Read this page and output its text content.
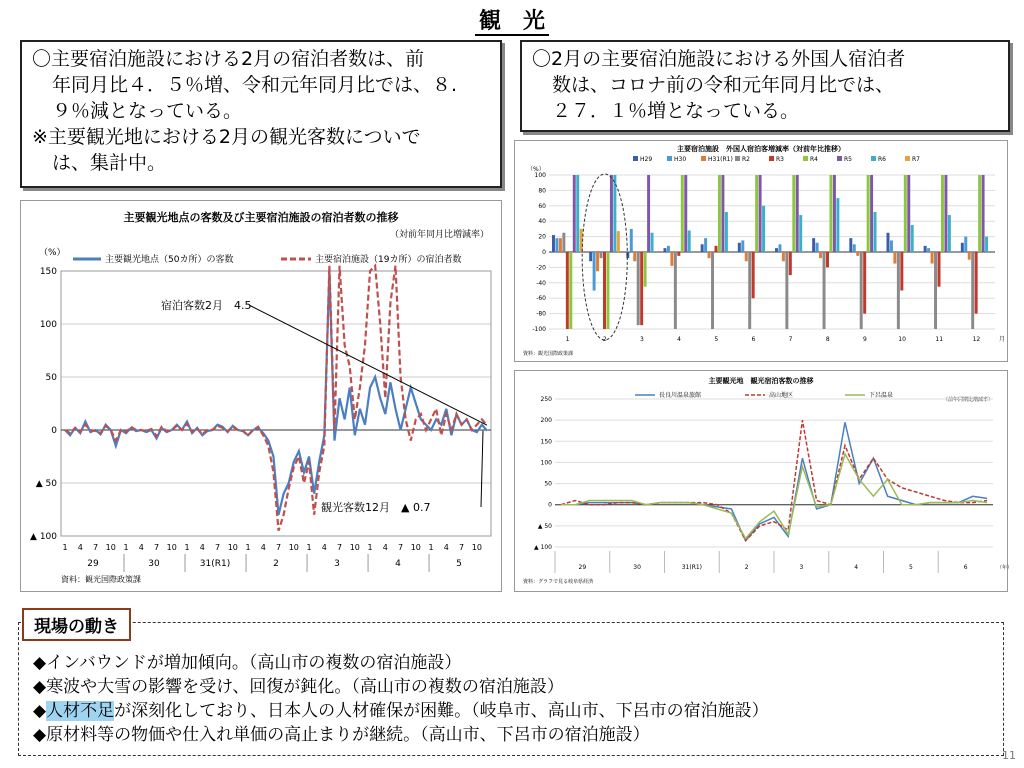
観　光

〇主要宿泊施設における2月の宿泊者数は、前

年同月比４．５％増、令和元年同月比では、８.

９％減となっている。

※主要観光地における2月の観光客数についで

は、集計中。

〇2月の主要宿泊施設における外国人宿泊者

数は、コロナ前の令和元年同月比では、

２７．１％増となっている。

主要観光地点の客数及び主要宿泊施設の宿泊者数の推移
（対前年同月比増減率）
（%）
主要観光地点（50カ所）の客数	主要宿泊施設（19カ所）の宿泊者数
150
100
50
0
▲ 50
▲ 100
1 4 7 10
29
1 4 7 10
30
1 4 7 10
31(R1)
1 4 7 10
2
1 4 7 10
3
1 4 7 10
4
1 4 7 10
5
資料：観光国際政策課
宿泊客数2月　4.5
観光客数12月　▲ 0.7
主要宿泊施設　外国人宿泊客増減率（対前年比推移）
（%）
H29	H30	H31(R1) R2	R3	R4	R5	R6	R7
-100
-80
-60
-40
-20
0
20
40
60
80
100
1	2	3	4	5	6	7	8	9	10	11	12	月
資料：観光国際政策課
主要観光地　観光宿泊客数の推移
（前年同期比増減率）
長良川温泉旅館	高山地区	下呂温泉
250
200
150
100
50
0
▲ 50
▲ 100
29	30	31(R1)	2	3	4	5	6	（年）
資料：グラフで見る岐阜県経済

◆インバウンドが増加傾向。（高山市の複数の宿泊施設）

◆寒波や大雪の影響を受け、回復が鈍化。（高山市の複数の宿泊施設）

◆人材不足が深刻化しており、日本人の人材確保が困難。（岐阜市、高山市、下呂市の宿泊施設）

◆原材料等の物価や仕入れ単価の高止まりが継続。（高山市、下呂市の宿泊施設）

現場の動き
11
